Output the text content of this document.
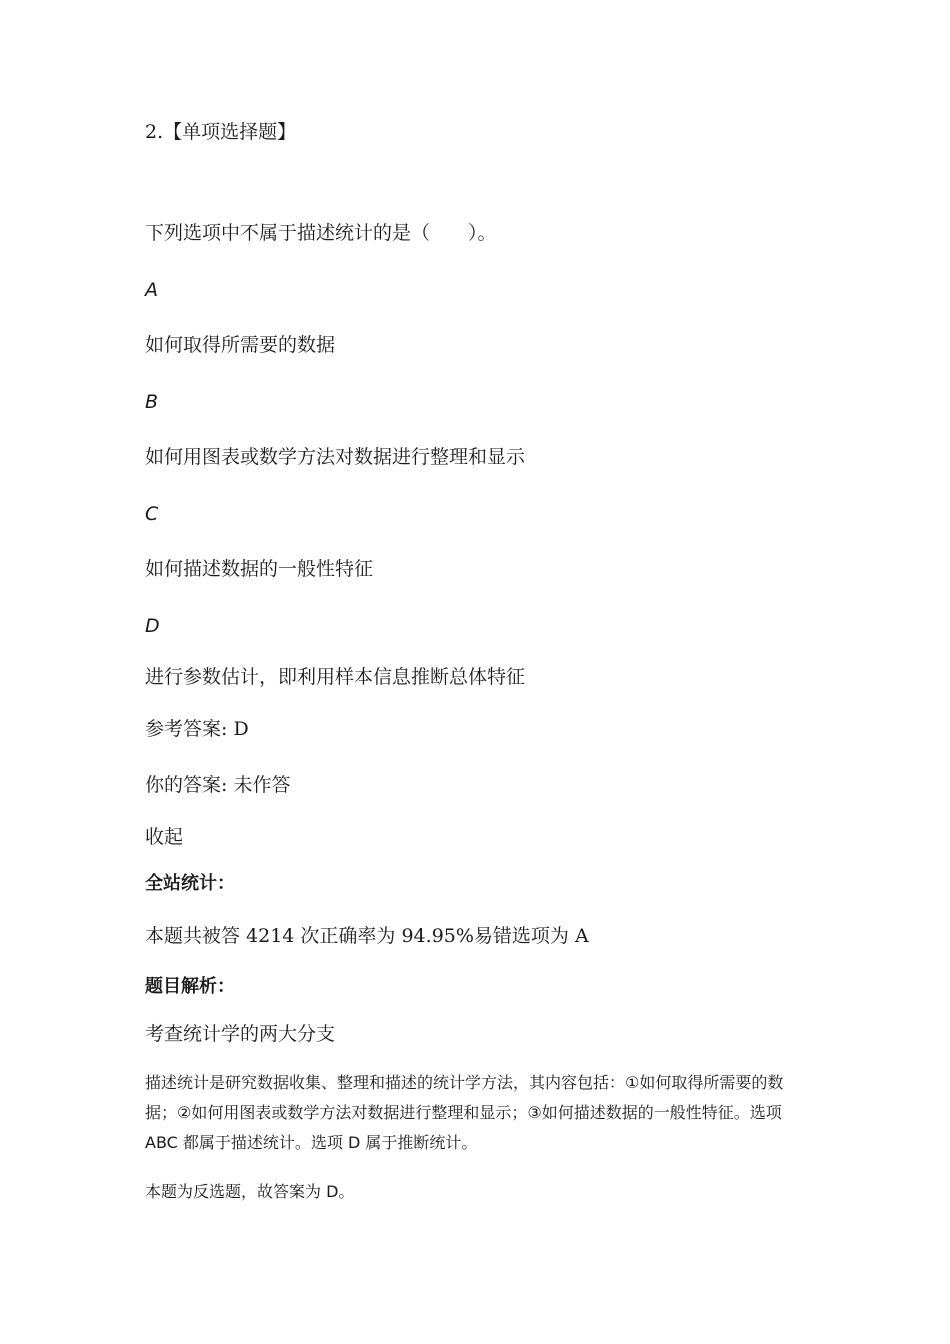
2.【单项选择题】
下列选项中不属于描述统计的是（　　）。
A
如何取得所需要的数据
B
如何用图表或数学方法对数据进行整理和显示
C
如何描述数据的一般性特征
D
进行参数估计，即利用样本信息推断总体特征
参考答案: D
你的答案: 未作答
收起
全站统计：
本题共被答 4214 次正确率为 94.95%易错选项为 A
题目解析：
考查统计学的两大分支
描述统计是研究数据收集、整理和描述的统计学方法，其内容包括：①如何取得所需要的数据；②如何用图表或数学方法对数据进行整理和显示；③如何描述数据的一般性特征。选项 ABC 都属于描述统计。选项 D 属于推断统计。
本题为反选题，故答案为 D。
